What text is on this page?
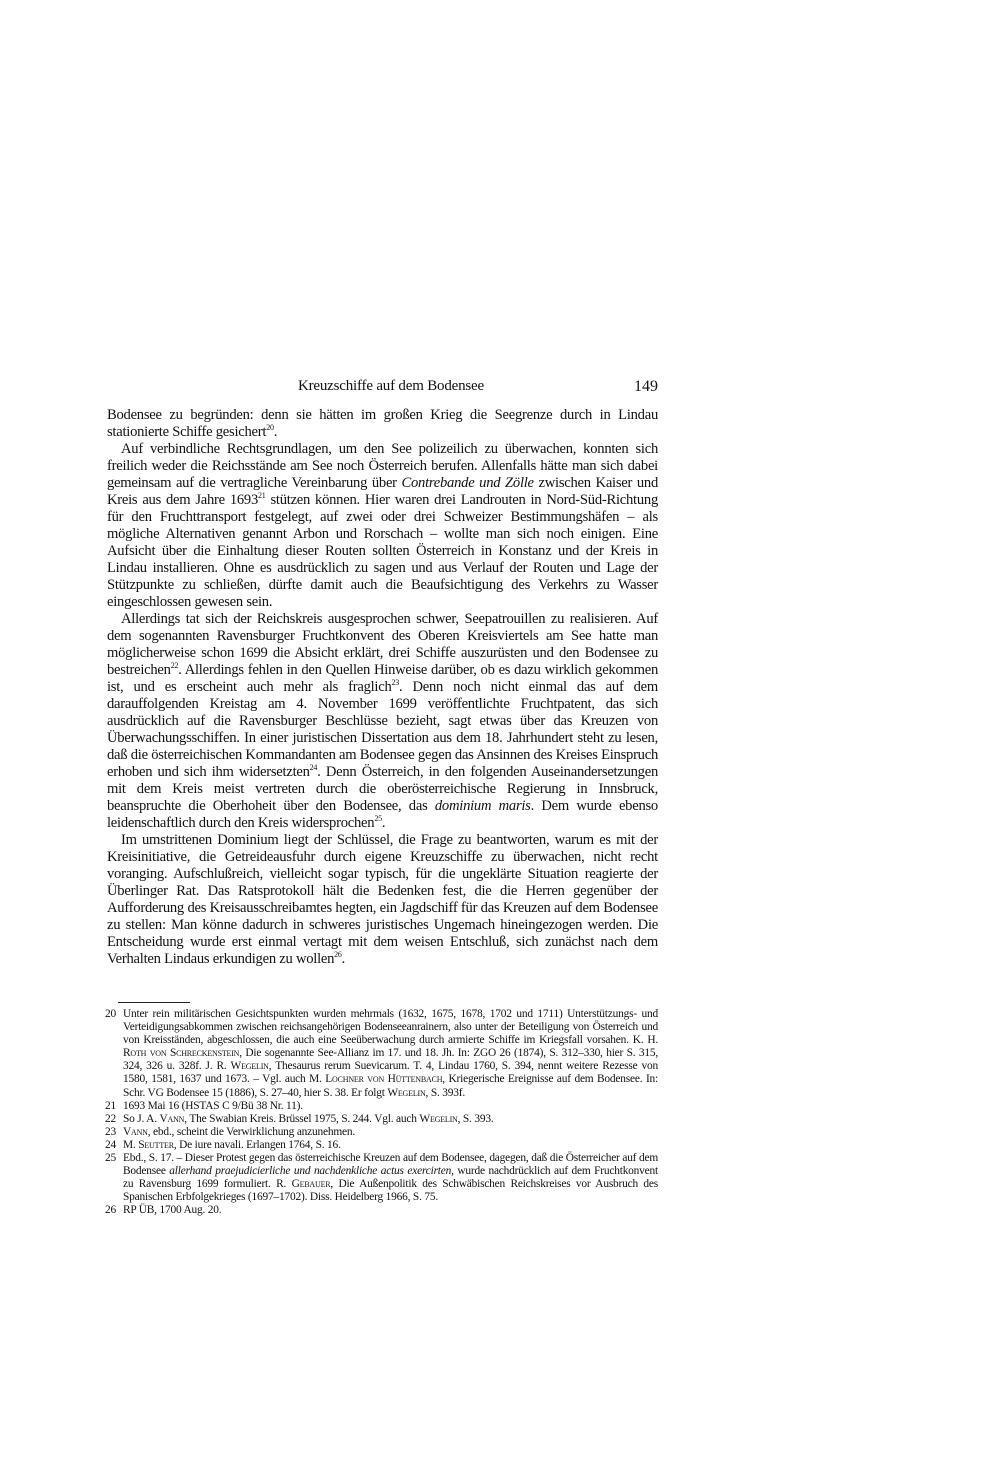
Kreuzschiffe auf dem Bodensee	149

Bodensee zu begründen: denn sie hätten im großen Krieg die Seegrenze durch in Lindau stationierte Schiffe gesichert$^{20}$.

Auf verbindliche Rechtsgrundlagen, um den See polizeilich zu überwachen, konnten sich freilich weder die Reichsstände am See noch Österreich berufen. Allenfalls hätte man sich dabei gemeinsam auf die vertragliche Vereinbarung über Contrebande und Zölle zwischen Kaiser und Kreis aus dem Jahre 1693$^{21}$ stützen können. Hier waren drei Landrouten in Nord-Süd-Richtung für den Fruchttransport festgelegt, auf zwei oder drei Schweizer Bestimmungshäfen – als mögliche Alternativen genannt Arbon und Rorschach – wollte man sich noch einigen. Eine Aufsicht über die Einhaltung dieser Routen sollten Österreich in Konstanz und der Kreis in Lindau installieren. Ohne es ausdrücklich zu sagen und aus Verlauf der Routen und Lage der Stützpunkte zu schließen, dürfte damit auch die Beaufsichtigung des Verkehrs zu Wasser eingeschlossen gewesen sein.

Allerdings tat sich der Reichskreis ausgesprochen schwer, Seepatrouillen zu realisieren. Auf dem sogenannten Ravensburger Fruchtkonvent des Oberen Kreisviertels am See hatte man möglicherweise schon 1699 die Absicht erklärt, drei Schiffe auszurüsten und den Bodensee zu bestreichen$^{22}$. Allerdings fehlen in den Quellen Hinweise darüber, ob es dazu wirklich gekommen ist, und es erscheint auch mehr als fraglich$^{23}$. Denn noch nicht einmal das auf dem darauffolgenden Kreistag am 4. November 1699 veröffentlichte Fruchtpatent, das sich ausdrücklich auf die Ravensburger Beschlüsse bezieht, sagt etwas über das Kreuzen von Überwachungsschiffen. In einer juristischen Dissertation aus dem 18. Jahrhundert steht zu lesen, daß die österreichischen Kommandanten am Bodensee gegen das Ansinnen des Kreises Einspruch erhoben und sich ihm widersetzten$^{24}$. Denn Österreich, in den folgenden Auseinandersetzungen mit dem Kreis meist vertreten durch die oberösterreichische Regierung in Innsbruck, beanspruchte die Oberhoheit über den Bodensee, das dominium maris. Dem wurde ebenso leidenschaftlich durch den Kreis widersprochen$^{25}$.

Im umstrittenen Dominium liegt der Schlüssel, die Frage zu beantworten, warum es mit der Kreisinitiative, die Getreideausfuhr durch eigene Kreuzschiffe zu überwachen, nicht recht voranging. Aufschlußreich, vielleicht sogar typisch, für die ungeklärte Situation reagierte der Überlinger Rat. Das Ratsprotokoll hält die Bedenken fest, die die Herren gegenüber der Aufforderung des Kreisausschreibamtes hegten, ein Jagdschiff für das Kreuzen auf dem Bodensee zu stellen: Man könne dadurch in schweres juristisches Ungemach hineingezogen werden. Die Entscheidung wurde erst einmal vertagt mit dem weisen Entschluß, sich zunächst nach dem Verhalten Lindaus erkundigen zu wollen$^{26}$.

20 Unter rein militärischen Gesichtspunkten wurden mehrmals (1632, 1675, 1678, 1702 und 1711) Unterstützungs- und Verteidigungsabkommen zwischen reichsangehörigen Bodenseeanrainern, also unter der Beteiligung von Österreich und von Kreisständen, abgeschlossen, die auch eine Seeüberwachung durch armierte Schiffe im Kriegsfall vorsahen. K. H. Roth von Schreckenstein, Die sogenannte See-Allianz im 17. und 18. Jh. In: ZGO 26 (1874), S. 312–330, hier S. 315, 324, 326 u. 328f. J. R. Wegelin, Thesaurus rerum Suevicarum. T. 4, Lindau 1760, S. 394, nennt weitere Rezesse von 1580, 1581, 1637 und 1673. – Vgl. auch M. Lochner von Hüttenbach, Kriegerische Ereignisse auf dem Bodensee. In: Schr. VG Bodensee 15 (1886), S. 27–40, hier S. 38. Er folgt Wegelin, S. 393f.
21 1693 Mai 16 (HSTAS C 9/Bü 38 Nr. 11).
22 So J. A. Vann, The Swabian Kreis. Brüssel 1975, S. 244. Vgl. auch Wegelin, S. 393.
23 Vann, ebd., scheint die Verwirklichung anzunehmen.
24 M. Seutter, De iure navali. Erlangen 1764, S. 16.
25 Ebd., S. 17. – Dieser Protest gegen das österreichische Kreuzen auf dem Bodensee, dagegen, daß die Österreicher auf dem Bodensee allerhand praejudicierliche und nachdenkliche actus exercirten, wurde nachdrücklich auf dem Fruchtkonvent zu Ravensburg 1699 formuliert. R. Gebauer, Die Außenpolitik des Schwäbischen Reichskreises vor Ausbruch des Spanischen Erbfolgekrieges (1697–1702). Diss. Heidelberg 1966, S. 75.
26 RP ÜB, 1700 Aug. 20.
